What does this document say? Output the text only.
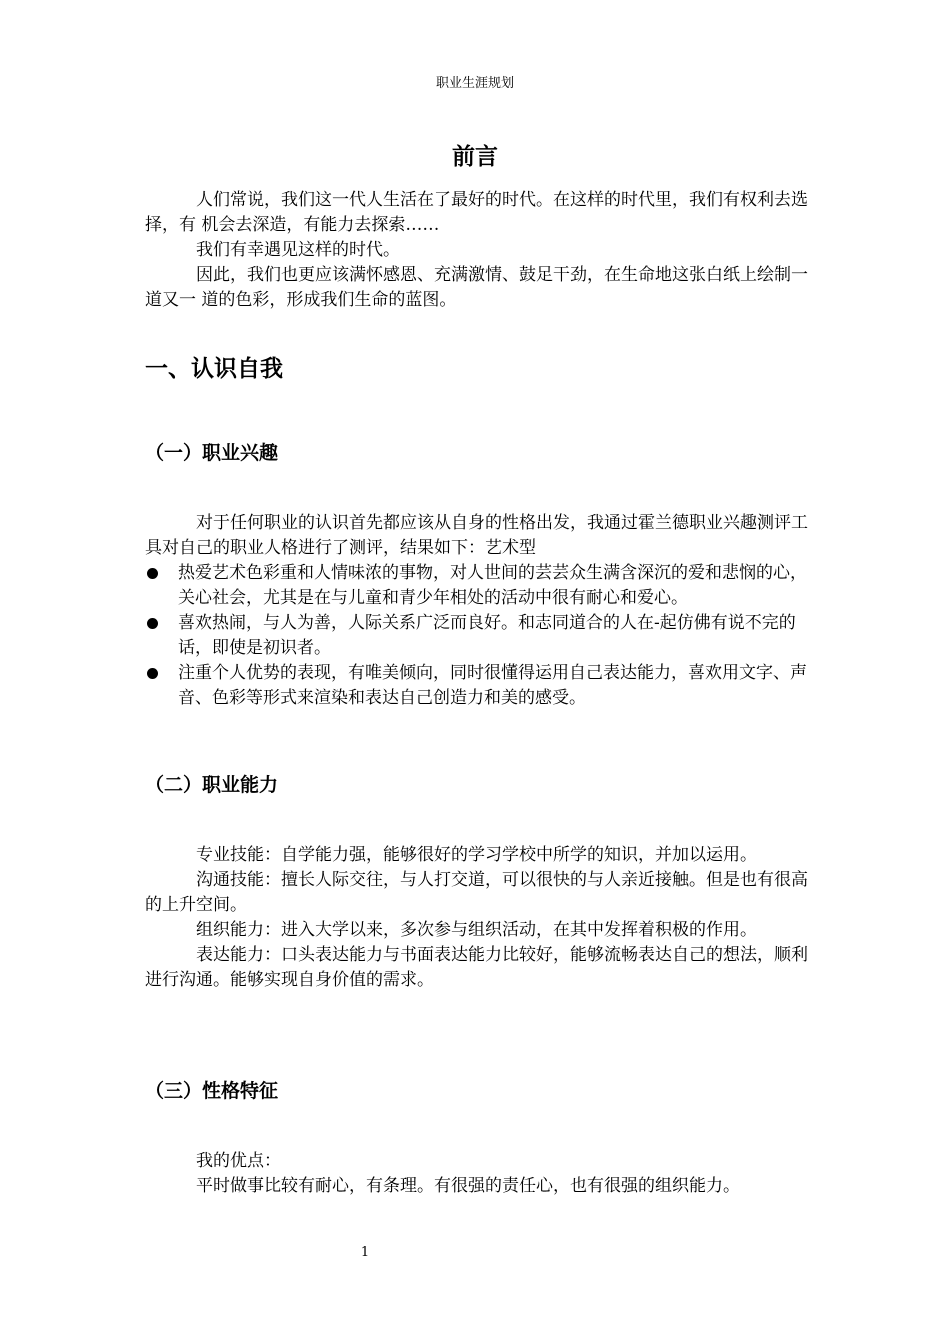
职业生涯规划
前言

人们常说，我们这一代人生活在了最好的时代。在这样的时代里，我们有权利去选择，有 机会去深造，有能力去探索……

我们有幸遇见这样的时代。

因此，我们也更应该满怀感恩、充满激情、鼓足干劲，在生命地这张白纸上绘制一道又一 道的色彩，形成我们生命的蓝图。

一、认识自我
（一）职业兴趣

对于任何职业的认识首先都应该从自身的性格出发，我通过霍兰德职业兴趣测评工具对自己的职业人格进行了测评，结果如下：艺术型

热爱艺术色彩重和人情味浓的事物，对人世间的芸芸众生满含深沉的爱和悲悯的心，关心社会，尤其是在与儿童和青少年相处的活动中很有耐心和爱心。
喜欢热闹，与人为善，人际关系广泛而良好。和志同道合的人在-起仿佛有说不完的话，即使是初识者。
注重个人优势的表现，有唯美倾向，同时很懂得运用自己表达能力，喜欢用文字、声音、色彩等形式来渲染和表达自己创造力和美的感受。
（二）职业能力

专业技能：自学能力强，能够很好的学习学校中所学的知识，并加以运用。

沟通技能：擅长人际交往，与人打交道，可以很快的与人亲近接触。但是也有很高的上升空间。

组织能力：进入大学以来，多次参与组织活动，在其中发挥着积极的作用。

表达能力：口头表达能力与书面表达能力比较好，能够流畅表达自己的想法，顺利进行沟通。能够实现自身价值的需求。

（三）性格特征

我的优点：

平时做事比较有耐心，有条理。有很强的责任心，也有很强的组织能力。

1
